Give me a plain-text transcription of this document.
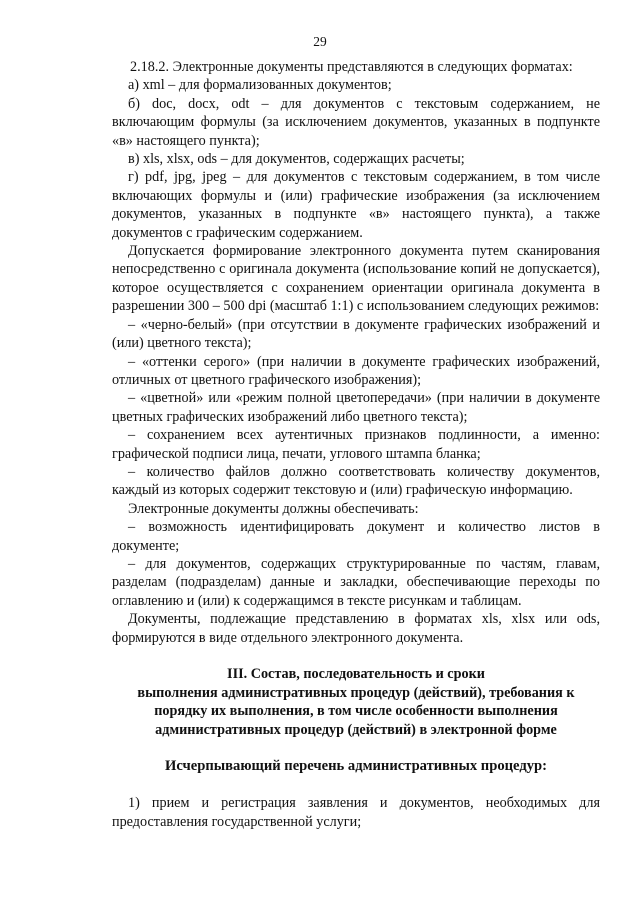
29

2.18.2. Электронные документы представляются в следующих форматах:

а) xml – для формализованных документов;

б) doc, docx, odt – для документов с текстовым содержанием, не включающим формулы (за исключением документов, указанных в подпункте «в» настоящего пункта);

в) xls, xlsx, ods – для документов, содержащих расчеты;

г) pdf, jpg, jpeg – для документов с текстовым содержанием, в том числе включающих формулы и (или) графические изображения (за исключением документов, указанных в подпункте «в» настоящего пункта), а также документов с графическим содержанием.

Допускается формирование электронного документа путем сканирования непосредственно с оригинала документа (использование копий не допускается), которое осуществляется с сохранением ориентации оригинала документа в разрешении 300 – 500 dpi (масштаб 1:1) с использованием следующих режимов:

– «черно-белый» (при отсутствии в документе графических изображений и (или) цветного текста);

– «оттенки серого» (при наличии в документе графических изображений, отличных от цветного графического изображения);

– «цветной» или «режим полной цветопередачи» (при наличии в документе цветных графических изображений либо цветного текста);

– сохранением всех аутентичных признаков подлинности, а именно: графической подписи лица, печати, углового штампа бланка;

– количество файлов должно соответствовать количеству документов, каждый из которых содержит текстовую и (или) графическую информацию.

Электронные документы должны обеспечивать:

– возможность идентифицировать документ и количество листов в документе;

– для документов, содержащих структурированные по частям, главам, разделам (подразделам) данные и закладки, обеспечивающие переходы по оглавлению и (или) к содержащимся в тексте рисункам и таблицам.

Документы, подлежащие представлению в форматах xls, xlsx или ods, формируются в виде отдельного электронного документа.

III. Состав, последовательность и сроки

выполнения административных процедур (действий), требования к

порядку их выполнения, в том числе особенности выполнения

административных процедур (действий) в электронной форме

Исчерпывающий перечень административных процедур:

1) прием и регистрация заявления и документов, необходимых для предоставления государственной услуги;
